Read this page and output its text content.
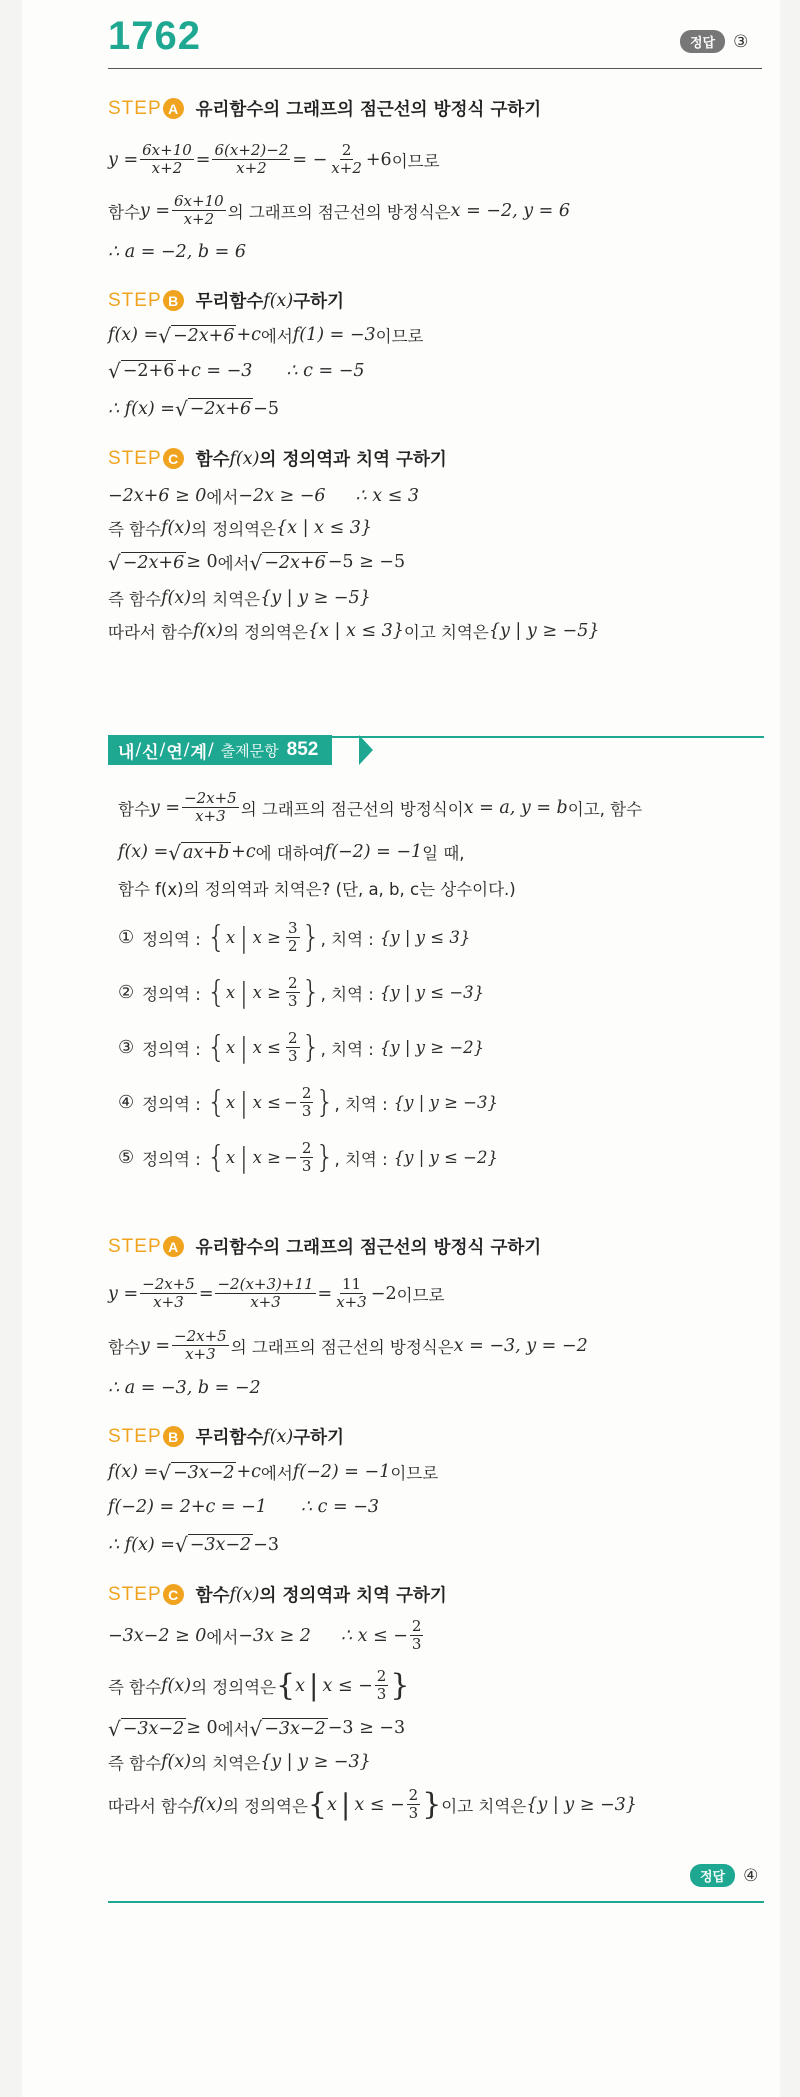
1762	정답	③
STEP A 유리함수의 그래프의 점근선의 방정식 구하기
$y = \frac{6x+10}{x+2} = \frac{6(x+2)-2}{x+2}$ = − $\frac{2}{x+2} +6$ 이므로
함수 $y = \frac{6x+10}{x+2}$ 의 그래프의 점근선의 방정식은 x = −2, y = 6
∴ a = −2, b = 6
STEP B 무리함수 f(x) 구하기
f(x) = √ −2x+6 +c 에서 f(1) = −3 이므로
√ −2+6 +c = −3 ∴ c = −5
∴ f(x) = √ −2x+6 −5
STEP C 함수 f(x) 의 정의역과 치역 구하기
−2x+6 ≥ 0 에서 −2x ≥ −6 ∴ x ≤ 3
즉 함수 f(x) 의 정의역은 {x | x ≤ 3}
√ −2x+6 ≥ 0 에서 √ −2x+6 −5 ≥ −5
즉 함수 f(x) 의 치역은 {y | y ≥ −5}
따라서 함수 f(x) 의 정의역은 {x | x ≤ 3} 이고 치역은 {y | y ≥ −5}
내 / 신 / 연 / 계 / 출제문항 852
함수 $y = \frac{-2x+5}{x+3}$ 의 그래프의 점근선의 방정식이 x = a, y = b 이고, 함수
f(x) = √ ax+b +c 에 대하여 f(−2) = −1 일 때,
함수 f(x)의 정의역과 치역은? (단, a, b, c는 상수이다.)
① 정의역 : { x | $x \ge \frac{3}{2}$ } , 치역 : {y | y ≤ 3}
② 정의역 : { x | $x \ge \frac{2}{3}$ } , 치역 : {y | y ≤ −3}
③ 정의역 : { x | $x \le \frac{2}{3}$ } , 치역 : {y | y ≥ −2}
④ 정의역 : { x | x ≤ − $\frac{2}{3}$ } , 치역 : {y | y ≥ −3}
⑤ 정의역 : { x | x ≥ − $\frac{2}{3}$ } , 치역 : {y | y ≤ −2}
STEP A 유리함수의 그래프의 점근선의 방정식 구하기
$y = \frac{-2x+5}{x+3} = \frac{-2(x+3)+11}{x+3} = \frac{11}{x+3} -2$ 이므로
함수 $y = \frac{-2x+5}{x+3}$ 의 그래프의 점근선의 방정식은 x = −3, y = −2
∴ a = −3, b = −2
STEP B 무리함수 f(x) 구하기
f(x) = √ −3x−2 +c 에서 f(−2) = −1 이므로
f(−2) = 2+c = −1 ∴ c = −3
∴ f(x) = √ −3x−2 −3
STEP C 함수 f(x) 의 정의역과 치역 구하기
−3x−2 ≥ 0 에서 −3x ≥ 2 ∴ x ≤ − $\frac{2}{3}$
즉 함수 f(x) 의 정의역은 { x | x ≤ − $\frac{2}{3}$ }
√ −3x−2 ≥ 0 에서 √ −3x−2 −3 ≥ −3
즉 함수 f(x) 의 치역은 {y | y ≥ −3}
따라서 함수 f(x) 의 정의역은 { x | x ≤ − $\frac{2}{3}$ } 이고 치역은 {y | y ≥ −3}
정답	④
